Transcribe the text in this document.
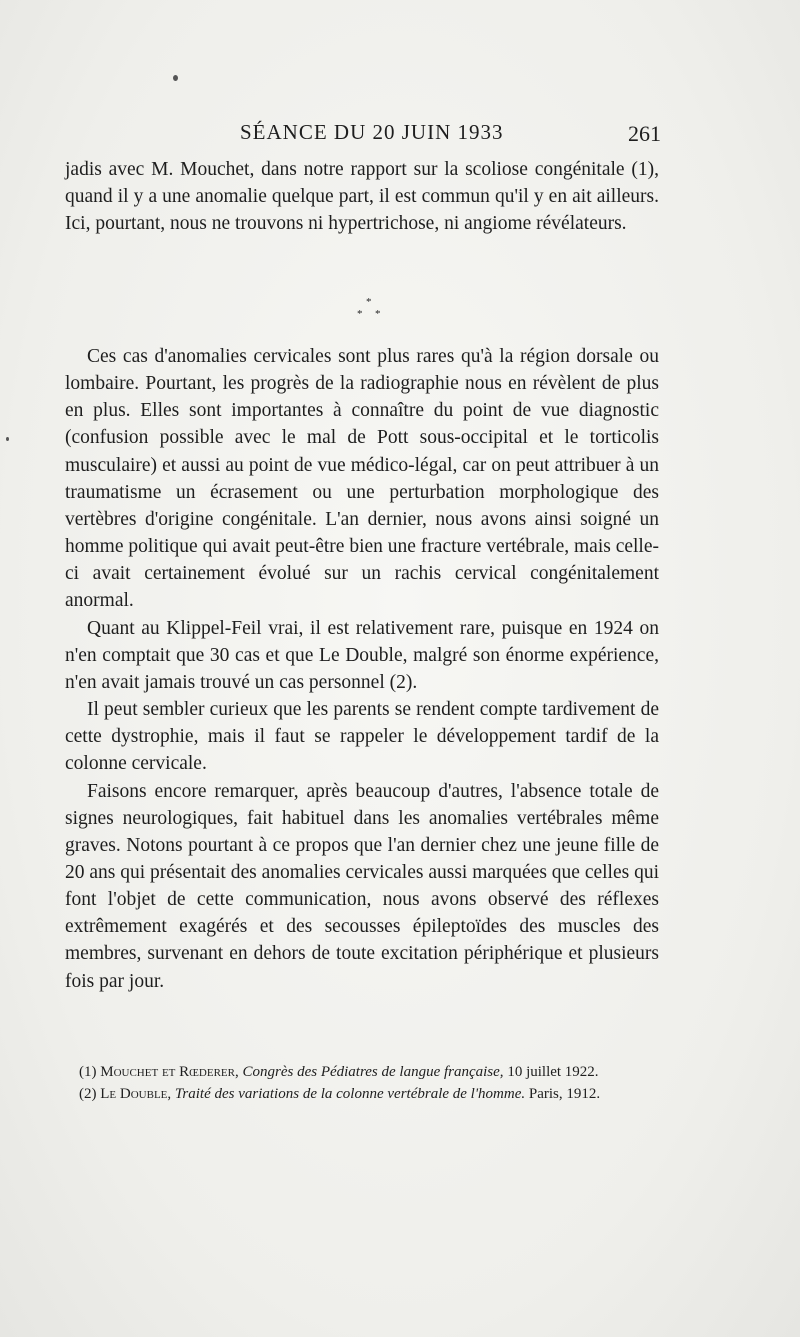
SÉANCE DU 20 JUIN 1933	261

jadis avec M. Mouchet, dans notre rapport sur la scoliose congénitale (1), quand il y a une anomalie quelque part, il est commun qu'il y en ait ailleurs. Ici, pourtant, nous ne trouvons ni hypertrichose, ni angiome révélateurs.

*
* *

Ces cas d'anomalies cervicales sont plus rares qu'à la région dorsale ou lombaire. Pourtant, les progrès de la radiographie nous en révèlent de plus en plus. Elles sont importantes à connaître du point de vue diagnostic (confusion possible avec le mal de Pott sous-occipital et le torticolis musculaire) et aussi au point de vue médico-légal, car on peut attribuer à un traumatisme un écrasement ou une perturbation morphologique des vertèbres d'origine congénitale. L'an dernier, nous avons ainsi soigné un homme politique qui avait peut-être bien une fracture vertébrale, mais celle-ci avait certainement évolué sur un rachis cervical congénitalement anormal.

Quant au Klippel-Feil vrai, il est relativement rare, puisque en 1924 on n'en comptait que 30 cas et que Le Double, malgré son énorme expérience, n'en avait jamais trouvé un cas personnel (2).

Il peut sembler curieux que les parents se rendent compte tardivement de cette dystrophie, mais il faut se rappeler le développement tardif de la colonne cervicale.

Faisons encore remarquer, après beaucoup d'autres, l'absence totale de signes neurologiques, fait habituel dans les anomalies vertébrales même graves. Notons pourtant à ce propos que l'an dernier chez une jeune fille de 20 ans qui présentait des anomalies cervicales aussi marquées que celles qui font l'objet de cette communication, nous avons observé des réflexes extrêmement exagérés et des secousses épileptoïdes des muscles des membres, survenant en dehors de toute excitation périphérique et plusieurs fois par jour.

(1) Mouchet et Rœderer, Congrès des Pédiatres de langue française, 10 juillet 1922.

(2) Le Double, Traité des variations de la colonne vertébrale de l'homme. Paris, 1912.
